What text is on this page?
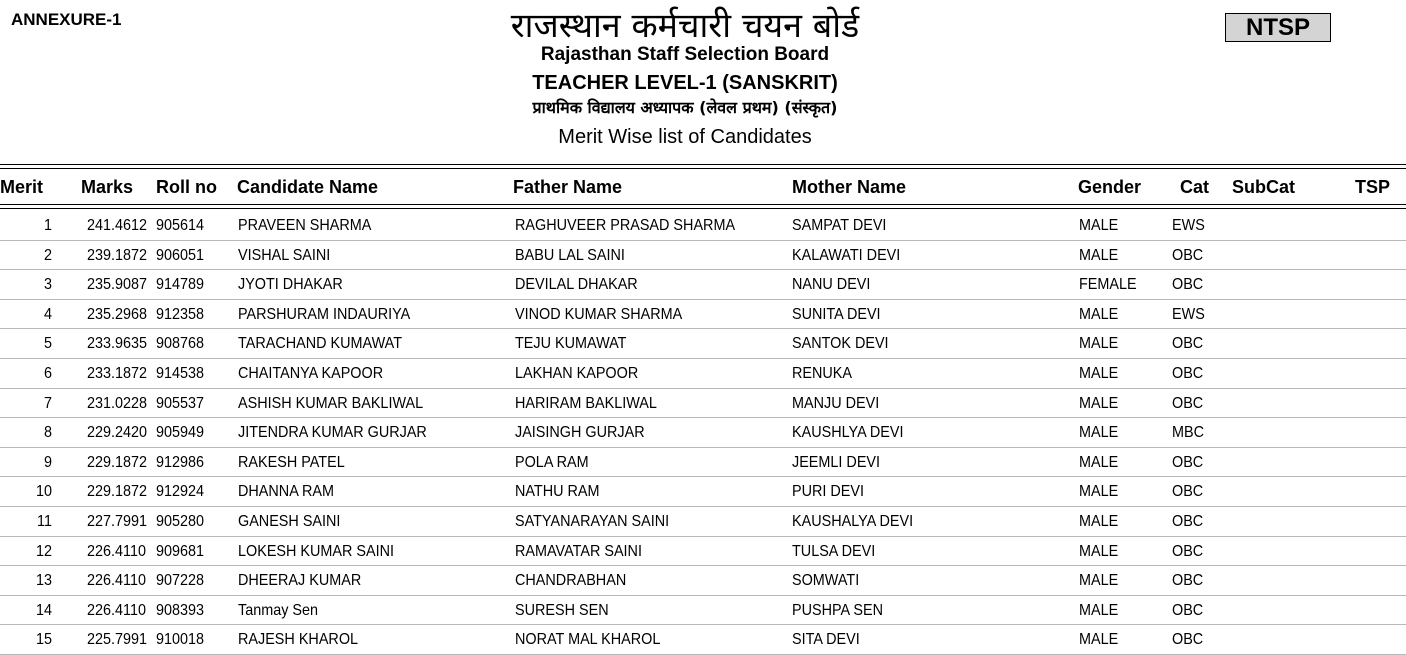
ANNEXURE-1	NTSP
राजस्थान कर्मचारी चयन बोर्ड
Rajasthan Staff Selection Board
TEACHER LEVEL-1 (SANSKRIT)
प्राथमिक विद्यालय अध्यापक (लेवल प्रथम) (संस्कृत)
Merit Wise list of Candidates
Merit Marks Roll no Candidate Name	Father Name	Mother Name	Gender Cat SubCat	TSP
1 241.4612 905614 PRAVEEN SHARMA	RAGHUVEER PRASAD SHARMA	SAMPAT DEVI	MALE	EWS
2 239.1872 906051 VISHAL SAINI	BABU LAL SAINI	KALAWATI DEVI	MALE	OBC
3 235.9087 914789 JYOTI DHAKAR	DEVILAL DHAKAR	NANU DEVI	FEMALE OBC
4 235.2968 912358 PARSHURAM INDAURIYA	VINOD KUMAR SHARMA	SUNITA DEVI	MALE	EWS
5 233.9635 908768 TARACHAND KUMAWAT	TEJU KUMAWAT	SANTOK DEVI	MALE	OBC
6 233.1872 914538 CHAITANYA KAPOOR	LAKHAN KAPOOR	RENUKA	MALE	OBC
7 231.0228 905537 ASHISH KUMAR BAKLIWAL	HARIRAM BAKLIWAL	MANJU DEVI	MALE	OBC
8 229.2420 905949 JITENDRA KUMAR GURJAR	JAISINGH GURJAR	KAUSHLYA DEVI	MALE	MBC
9 229.1872 912986 RAKESH PATEL	POLA RAM	JEEMLI DEVI	MALE	OBC
10 229.1872 912924 DHANNA RAM	NATHU RAM	PURI DEVI	MALE	OBC
11 227.7991 905280 GANESH SAINI	SATYANARAYAN SAINI	KAUSHALYA DEVI	MALE	OBC
12 226.4110 909681 LOKESH KUMAR SAINI	RAMAVATAR SAINI	TULSA DEVI	MALE	OBC
13 226.4110 907228 DHEERAJ KUMAR	CHANDRABHAN	SOMWATI	MALE	OBC
14 226.4110 908393 Tanmay Sen	SURESH SEN	PUSHPA SEN	MALE	OBC
15 225.7991 910018 RAJESH KHAROL	NORAT MAL KHAROL	SITA DEVI	MALE	OBC
